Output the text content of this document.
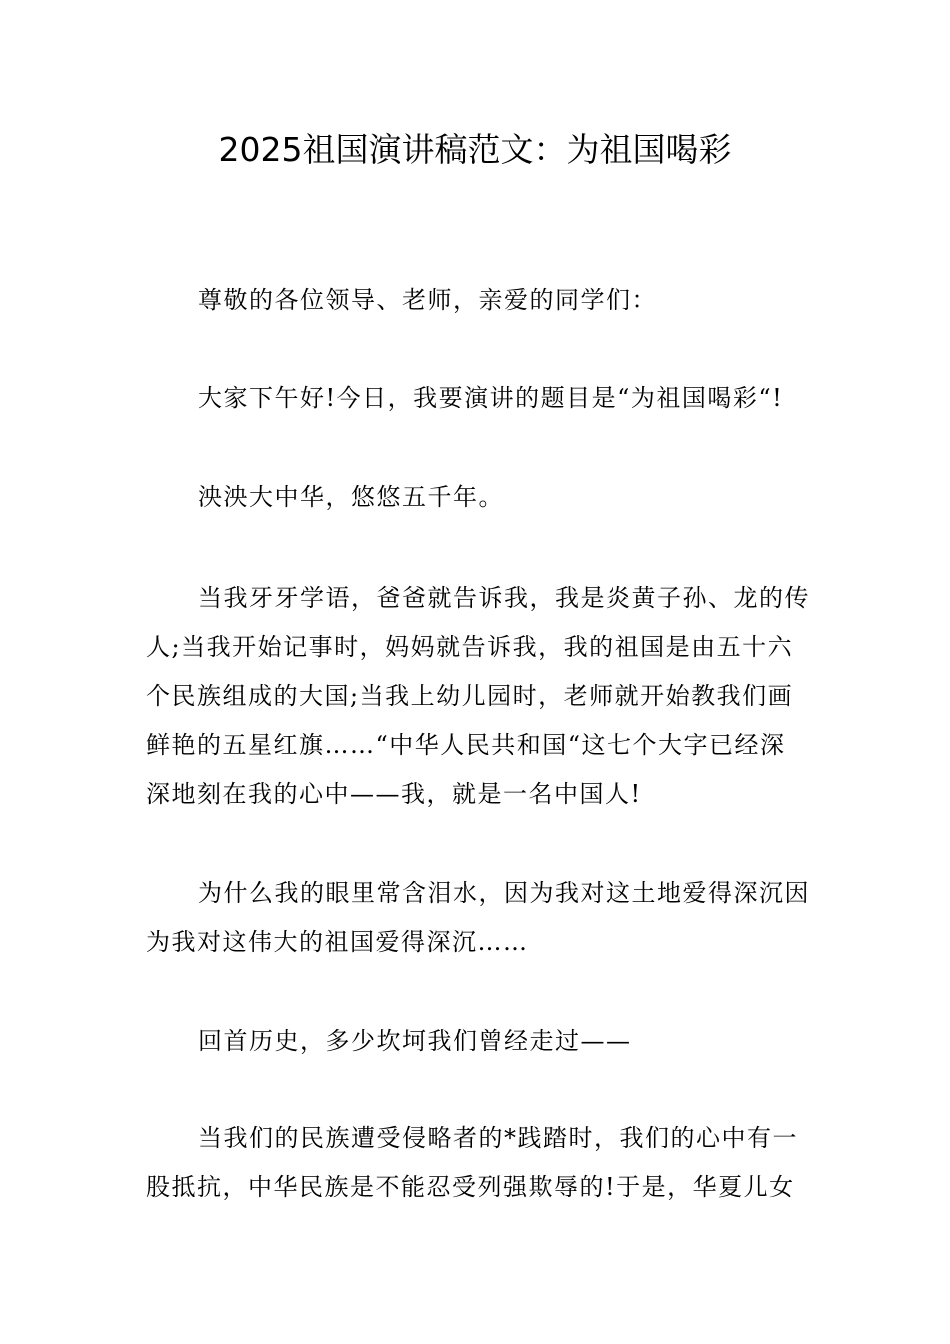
2025祖国演讲稿范文：为祖国喝彩

尊敬的各位领导、老师，亲爱的同学们：

大家下午好!今日，我要演讲的题目是“为祖国喝彩“!

泱泱大中华，悠悠五千年。

当我牙牙学语，爸爸就告诉我，我是炎黄子孙、龙的传人;当我开始记事时，妈妈就告诉我，我的祖国是由五十六个民族组成的大国;当我上幼儿园时，老师就开始教我们画鲜艳的五星红旗……“中华人民共和国“这七个大字已经深深地刻在我的心中——我，就是一名中国人!

为什么我的眼里常含泪水，因为我对这土地爱得深沉因为我对这伟大的祖国爱得深沉……

回首历史，多少坎坷我们曾经走过——

当我们的民族遭受侵略者的*践踏时，我们的心中有一股抵抗，中华民族是不能忍受列强欺辱的!于是，华夏儿女
